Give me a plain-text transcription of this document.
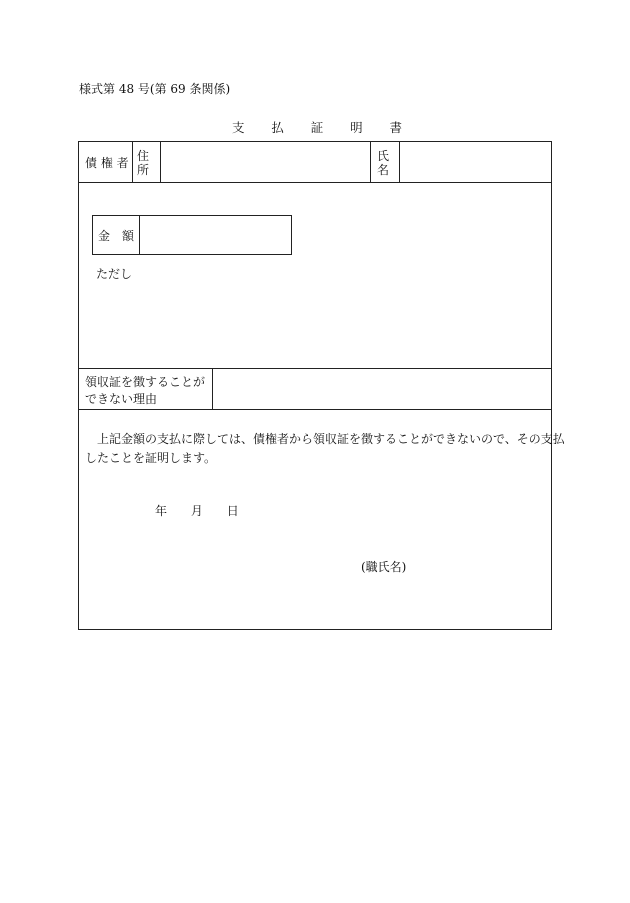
様式第 48 号(第 69 条関係)
支 払 証 明 書
債 権 者 住
所
氏
名
金　額
ただし
領収証を徴することが
できない理由
上記金額の支払に際しては、債権者から領収証を徴することができないので、その支払
したことを証明します。
年 月 日
(職氏名)
